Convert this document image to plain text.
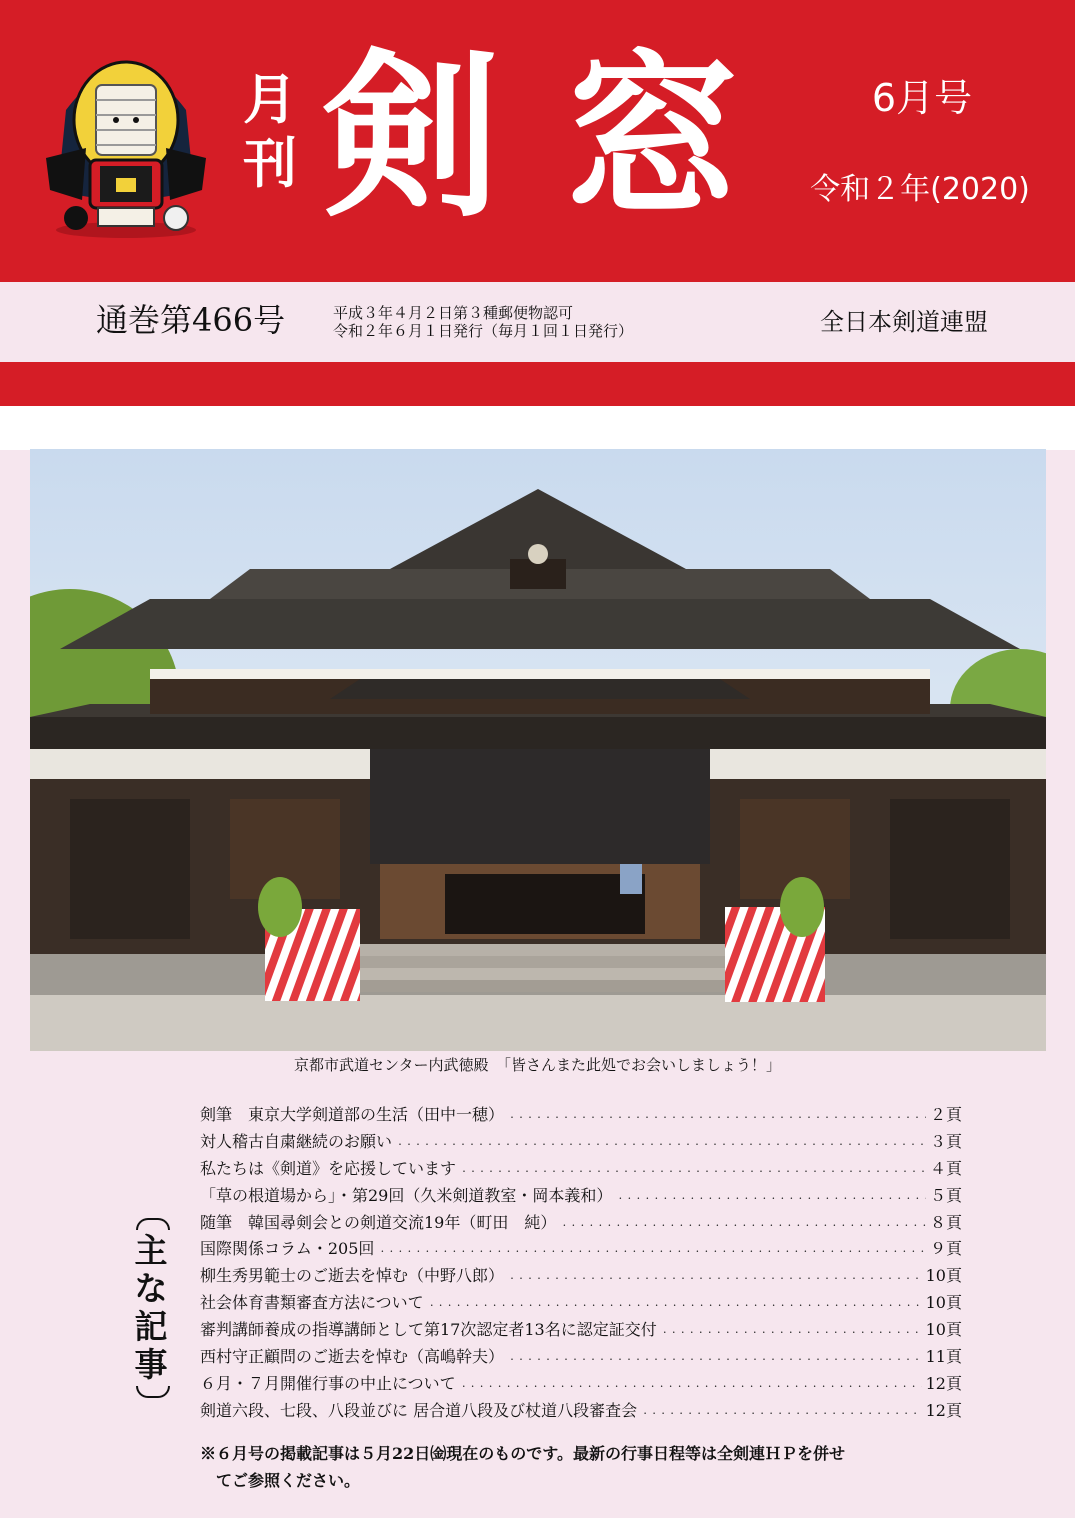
月
刊 剣窓 6月号
令和２年(2020)
通巻第466号	平成３年４月２日第３種郵便物認可
令和２年６月１日発行（毎月１回１日発行）	全日本剣道連盟
京都市武道センター内武徳殿　「皆さんまた此処でお会いしましょう！」
主
な
記
事
剣筆　東京大学剣道部の生活（田中一穂） ・・・・・・・・・・・・・・・・・・・・・・・・・・・・・・・・・・・・・・・・・・・・・・・・・・・・・・・・・・・・・・・・・・・・・・・・	２頁
対人稽古自粛継続のお願い ・・・・・・・・・・・・・・・・・・・・・・・・・・・・・・・・・・・・・・・・・・・・・・・・・・・・・・・・・・・・・・・・・・・・・・・・	３頁
私たちは《剣道》を応援しています ・・・・・・・・・・・・・・・・・・・・・・・・・・・・・・・・・・・・・・・・・・・・・・・・・・・・・・・・・・・・・・・・・・・・・・・・	４頁
「草の根道場から」・第29回（久米剣道教室・岡本義和） ・・・・・・・・・・・・・・・・・・・・・・・・・・・・・・・・・・・・・・・・・・・・・・・・・・・・・・・・・・・・・・・・・・・・・・・・	５頁
随筆　韓国尋剣会との剣道交流19年（町田　純） ・・・・・・・・・・・・・・・・・・・・・・・・・・・・・・・・・・・・・・・・・・・・・・・・・・・・・・・・・・・・・・・・・・・・・・・・	８頁
国際関係コラム・205回 ・・・・・・・・・・・・・・・・・・・・・・・・・・・・・・・・・・・・・・・・・・・・・・・・・・・・・・・・・・・・・・・・・・・・・・・・	９頁
柳生秀男範士のご逝去を悼む（中野八郎） ・・・・・・・・・・・・・・・・・・・・・・・・・・・・・・・・・・・・・・・・・・・・・・・・・・・・・・・・・・・・・・・・・・・・・・・・	10頁
社会体育書類審査方法について ・・・・・・・・・・・・・・・・・・・・・・・・・・・・・・・・・・・・・・・・・・・・・・・・・・・・・・・・・・・・・・・・・・・・・・・・	10頁
審判講師養成の指導講師として第17次認定者13名に認定証交付 ・・・・・・・・・・・・・・・・・・・・・・・・・・・・・・・・・・・・・・・・・・・・・・・・・・・・・・・・・・・・・・・・・・・・・・・・	10頁
西村守正顧問のご逝去を悼む（高嶋幹夫） ・・・・・・・・・・・・・・・・・・・・・・・・・・・・・・・・・・・・・・・・・・・・・・・・・・・・・・・・・・・・・・・・・・・・・・・・	11頁
６月・７月開催行事の中止について ・・・・・・・・・・・・・・・・・・・・・・・・・・・・・・・・・・・・・・・・・・・・・・・・・・・・・・・・・・・・・・・・・・・・・・・・	12頁
剣道六段、七段、八段並びに 居合道八段及び杖道八段審査会 ・・・・・・・・・・・・・・・・・・・・・・・・・・・・・・・・・・・・・・・・・・・・・・・・・・・・・・・・・・・・・・・・・・・・・・・・	12頁
※６月号の掲載記事は５月22日㈮現在のものです。最新の行事日程等は全剣連ＨＰを併せ
　てご参照ください。
